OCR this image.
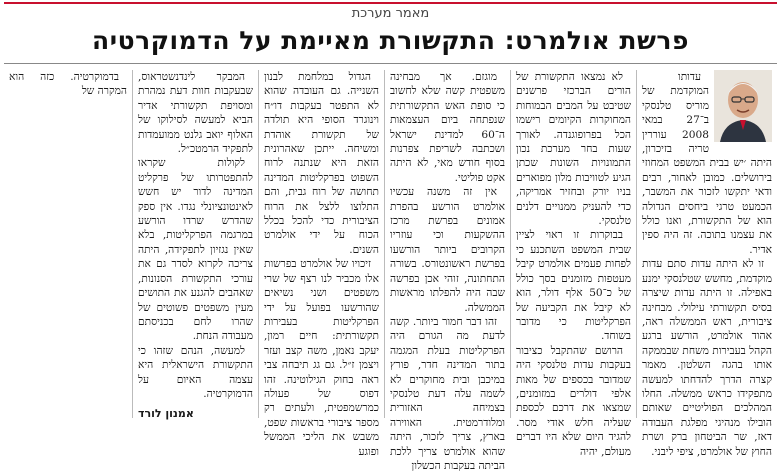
מאמר מערכת
פרשת אולמרט: התקשורת מאיימת על הדמוקרטיה

עדותו המוקדמת של מוריס טלנסקי ב־27 במאי 2008 עוררין טריה בזיכרון, היתה ׳יש בבית המשפט המחוזי בירושלים. כמובן לאחור, רבים ודאי יתקשו לזכור את המשבר, הכמעט טרגי ביחסים הגדולה הוא של התקשורת, ואנו כולל את עצמנו בתוכה. זה היה ספין אדיר.

זו לא היתה עדות סתם עדות מוקדמת, מחשש שטלנסקי ימנע באפילה. זו היתה עדות שיצרה בסיס תקשורתי עילולי. מבחינה ציבורית, ראש הממשלה ראה, אהוד אולמרט, הורשע ברגע הקהל בעבירות משחת שבממקה אותו בהגה השלטון. מאמר קצרה הדרך להדחתו למעשה מתפקידו כראש ממשלה. החלו המהלכים הפוליטיים שאותם הובילו מנהיגי מפלגת העבודה דאז, שר הביטחון ברק ושרת החוץ של אולמרט, ציפי ליבני.

לא נמצאו התקשורת של הורים הברכזי פרשנים שטיבט על המבים הבמוחות המחוקרות הקיומים רישמו הכל בפרופוגנדה. לאורך שעות בחר מערכת נכון התמונויות השונות שכתן הגיע לטוויבות מלון מפוארים בניו יורק ובחזיר אמריקה, כדי להעניק ממנויים דלנים טלנסקי.

בבוקרות זו ראוי לציין שבית המשפט השתכנע כי לפחות פעמים אולמרט קיבל מעטפות מזומנים בסך כולל של כ־50 אלף דולר, הוא לא קיבל את הקביעה של הפרקליטות כי מדובר בשוחד.

הרושם שהתקבל כציבור בעקבות עדות טלנסקי היה שמדובר בכספים של מאות אלפי דולרים במזומנים, שמצאו את דרכם לכספת שעליה חלש אודי מסר. להגיד היום שלא היו דברים מעולם, יהיה

מוגזם. אך מבחינה משפטית קשה שלא לחשוב כי סופת האש התקשורתית שנפתחה ביום העצמאות ה־60 למדינת ישראל ושכתבה לשריפת צפרנות בסוף חודש מאי, לא היתה אקט פוליטי.

אין זה משנה עכשיו אולמרט הורשע בהפרת אמונים בפרשת מרכז ההשקעות וכי עוזריו הקרובים ביותר הורשעו בפרשת ראשונטורס. בשורה התחתונה, זוהי אכן בפרשה שבה היה להפלתו מראשות הממשלה.

זהו דבר חמור ביותר. קשה לדעת מה הגורם היה הפרקליטות בעלת המגמה בתור המדינה חדר, פורץ במיכבן ובית מחוקרים לא לשמה עלה דעת טלנסקי בצמיחה האזורית ומלודרמטית. האווירה בארץ, צריך לזכור, היתה שהוא אולמרט צריך ללכת הביתה בעקבות הכשלון

הגדול במלחמת לבנון השנייה. גם העובדה שהוא לא התפטר בעקבות דו״ח וינוגרד הסופי היא תולדה של תקשורת אוהדת ומשיחה. ייתכן שאהרונית הזאת היא שנתנה לרוח השפוט בפרקליטות המדינה תחושה של רוח גבית, והם התלוצו ללצל את הרוח הציבורית כדי להכל בכלל הכוח על ידי אולמרט השנים.

זיכויו של אולמרט בפרשות אלו מכביר לנו רצף של שרי משפטים ושני נשיאים שהורשעו בפועל על ידי הפרקליטות בעבירות תקשורתית: חיים רמון, יעקב נאמן, משה קצב ועזר ויצמן ז״ל. גם גג תיבחה צבי ראה בחוק הגילוטינה. זהו דפוס של פעולה כמרשמפטית, ולעתים רק מספר ציבורי בראשות שפט, משבש את הליכי הממשל ופוגע

המבקר לינדנשטראוס, שבעקבות חוות דעת נמהרת ומסויפת תקשורתי אדיר הביא למעשה לסילוקו של האלוף יואב גלנט ממועמדות לתפקיד הרמטכ״ל.

לקולות שקראו להתפטרותו של פרקליט המדינה לדור יש חשש לאינטונציונלי נגדו. אין ספק שהדרש שרדו הורשע במרגמה הפרקליטות, בלא שאין נגזיון לתפקידה, היתה צריכה לקרוא לסדר גם את עורכי התקשורת הסנונות, שאהבים להגנע את התושים מעין משפטים פשוטים של שהרו לחם בכניסתם מעבודה הנחת.

למעשה, הנהם שזהו כי התקשורת הישראלית היא עצמה האיום על הדמוקרטיה.

אמנון לורד

בדמוקרטיה. כזה הוא המקרה של
